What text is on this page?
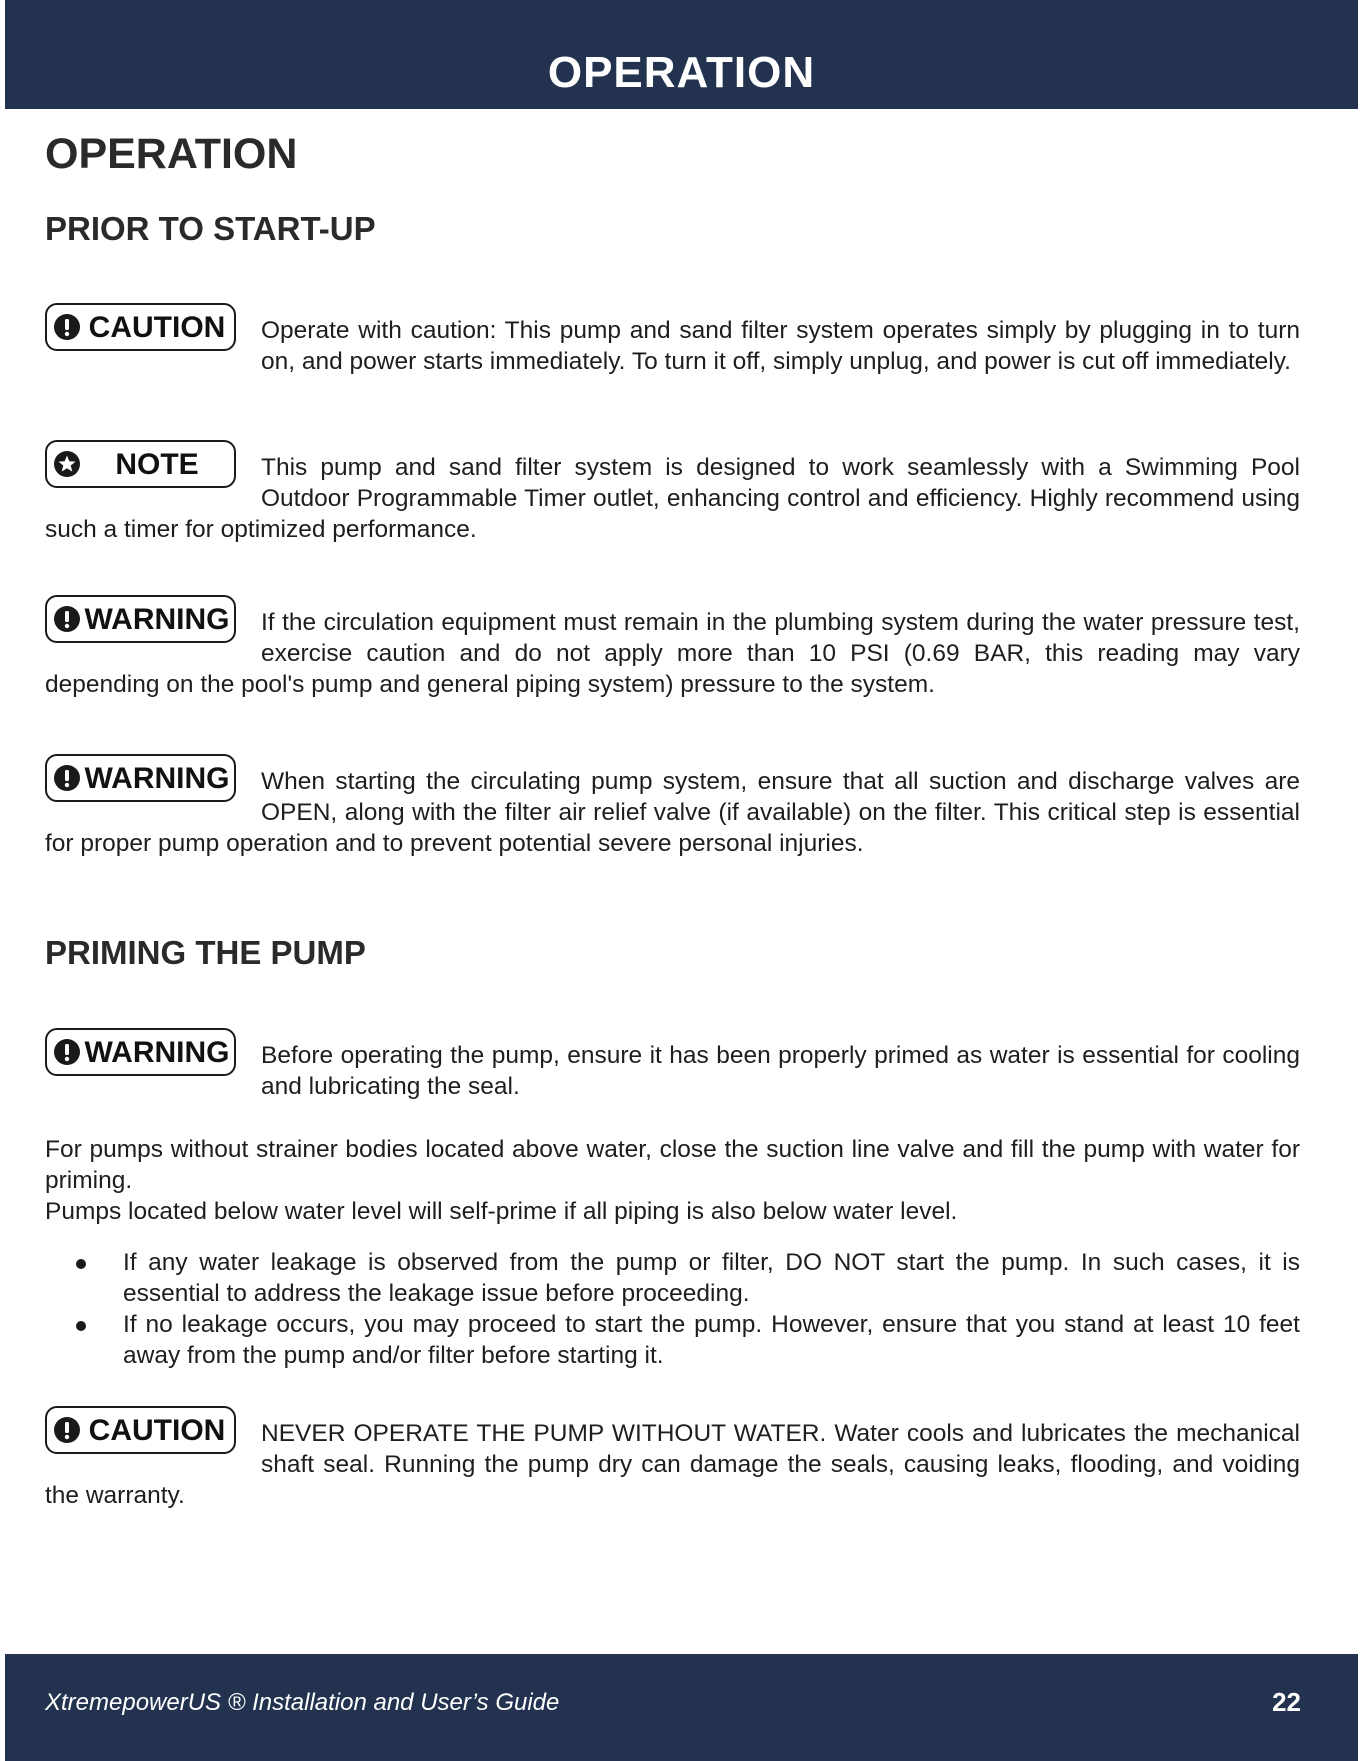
OPERATION
OPERATION
PRIOR TO START-UP
CAUTION Operate with caution: This pump and sand filter system operates simply by plugging in to turn on, and power starts immediately. To turn it off, simply unplug, and power is cut off immediately.
NOTE	This pump and sand filter system is designed to work seamlessly with a Swimming Pool Outdoor Programmable Timer outlet, enhancing control and efficiency. Highly recommend using such a timer for optimized performance.
WARNING If the circulation equipment must remain in the plumbing system during the water pressure test, exercise caution and do not apply more than 10 PSI (0.69 BAR, this reading may vary depending on the pool's pump and general piping system) pressure to the system.
WARNING When starting the circulating pump system, ensure that all suction and discharge valves are OPEN, along with the filter air relief valve (if available) on the filter. This critical step is essential for proper pump operation and to prevent potential severe personal injuries.
PRIMING THE PUMP
WARNING Before operating the pump, ensure it has been properly primed as water is essential for cooling and lubricating the seal.
For pumps without strainer bodies located above water, close the suction line valve and fill the pump with water for priming.
Pumps located below water level will self-prime if all piping is also below water level.
If any water leakage is observed from the pump or filter, DO NOT start the pump. In such cases, it is essential to address the leakage issue before proceeding.
If no leakage occurs, you may proceed to start the pump. However, ensure that you stand at least 10 feet away from the pump and/or filter before starting it.
CAUTION NEVER OPERATE THE PUMP WITHOUT WATER. Water cools and lubricates the mechanical shaft seal. Running the pump dry can damage the seals, causing leaks, flooding, and voiding the warranty.
XtremepowerUS ® Installation and User’s Guide	22
